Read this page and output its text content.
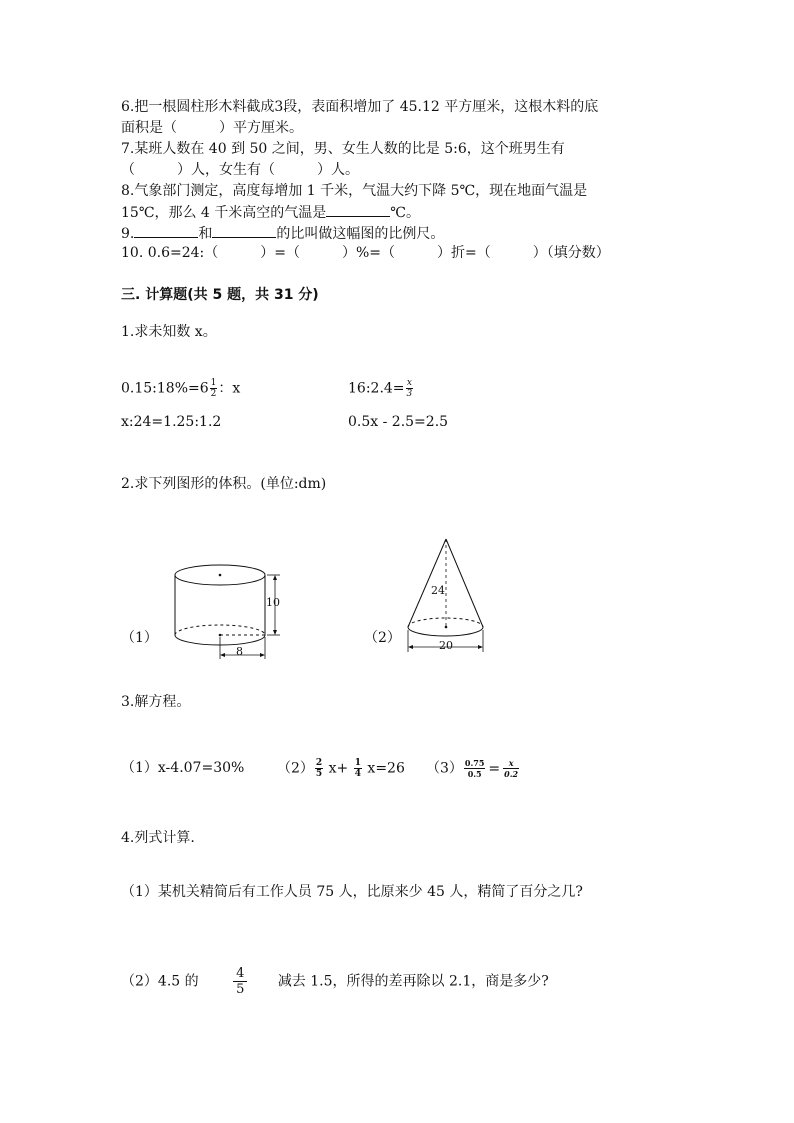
6.把一根圆柱形木料截成3段，表面积增加了 45.12 平方厘米，这根木料的底
面积是（　　　）平方厘米。
7.某班人数在 40 到 50 之间，男、女生人数的比是 5:6，这个班男生有
（　　　）人，女生有（　　　）人。
8.气象部门测定，高度每增加 1 千米，气温大约下降 5℃，现在地面气温是
15℃，那么 4 千米高空的气温是	℃。
9.	和	的比叫做这幅图的比例尺。
10. 0.6=24:（　　　）=（　　　）%=（　　　）折=（　　　）（填分数）
三. 计算题(共 5 题，共 31 分)
1.求未知数 x。
0.15:18%=6 $\frac{1}{2}$ ：x	16:2.4= $\frac{x}{3}$
x:24=1.25:1.2	0.5x - 2.5=2.5
2.求下列图形的体积。(单位:dm)
（1）
10
8
（2）
24
20
3.解方程。
（1）x-4.07=30% $(2) \frac{2}{5} x+ \frac{1}{4} x=26$ $(3) \frac{0.75}{0.5} = \frac{x}{0.2}$
4.列式计算.
（1）某机关精简后有工作人员 75 人，比原来少 45 人，精简了百分之几?
（2）4.5 的	$\frac{4}{5}$ 减去 1.5，所得的差再除以 2.1，商是多少?
